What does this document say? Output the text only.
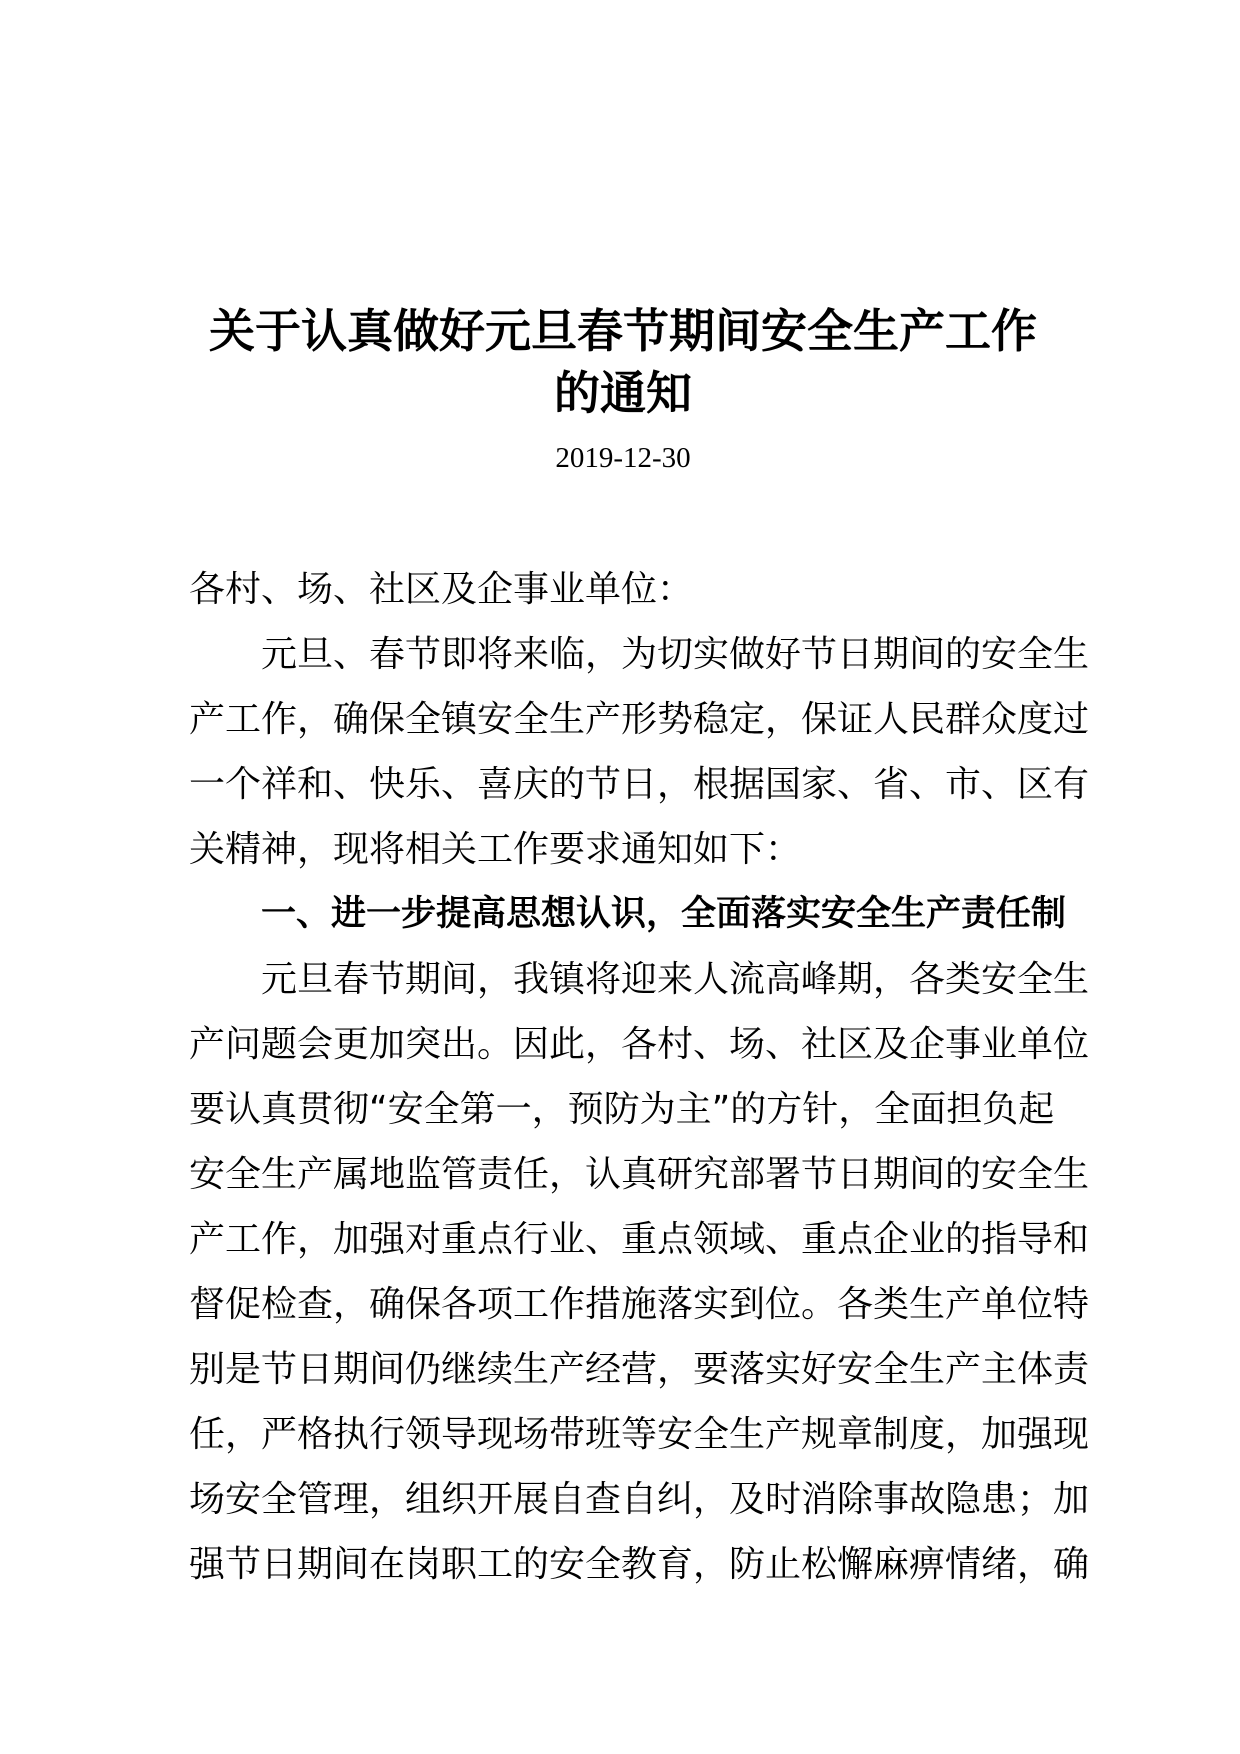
关于认真做好元旦春节期间安全生产工作
的通知
2019-12-30
各村、场、社区及企事业单位：
元旦、春节即将来临，为切实做好节日期间的安全生
产工作，确保全镇安全生产形势稳定，保证人民群众度过
一个祥和、快乐、喜庆的节日，根据国家、省、市、区有
关精神，现将相关工作要求通知如下：
一、进一步提高思想认识，全面落实安全生产责任制
元旦春节期间，我镇将迎来人流高峰期，各类安全生
产问题会更加突出。因此，各村、场、社区及企事业单位
要认真贯彻“安全第一，预防为主”的方针，全面担负起
安全生产属地监管责任，认真研究部署节日期间的安全生
产工作，加强对重点行业、重点领域、重点企业的指导和
督促检查，确保各项工作措施落实到位。各类生产单位特
别是节日期间仍继续生产经营，要落实好安全生产主体责
任，严格执行领导现场带班等安全生产规章制度，加强现
场安全管理，组织开展自查自纠，及时消除事故隐患；加
强节日期间在岗职工的安全教育，防止松懈麻痹情绪，确
